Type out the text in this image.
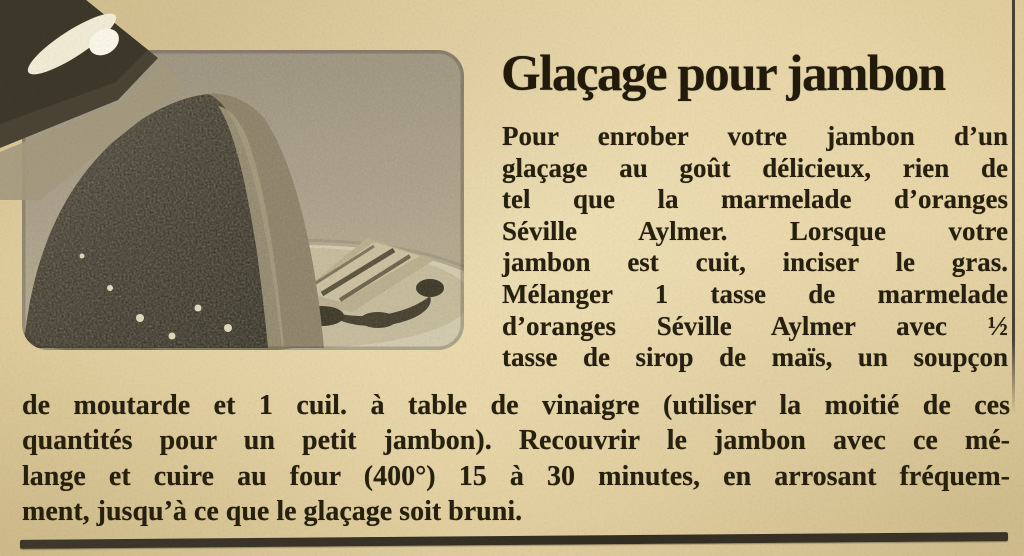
Glaçage pour jambon
Pour enrober votre jambon d’un
glaçage au goût délicieux, rien de
tel que la marmelade d’oranges
Séville Aylmer. Lorsque votre
jambon est cuit, inciser le gras.
Mélanger 1 tasse de marmelade
d’oranges Séville Aylmer avec ½
tasse de sirop de maïs, un soupçon
de moutarde et 1 cuil. à table de vinaigre (utiliser la moitié de ces
quantités pour un petit jambon). Recouvrir le jambon avec ce mé-
lange et cuire au four (400°) 15 à 30 minutes, en arrosant fréquem-
ment, jusqu’à ce que le glaçage soit bruni.
